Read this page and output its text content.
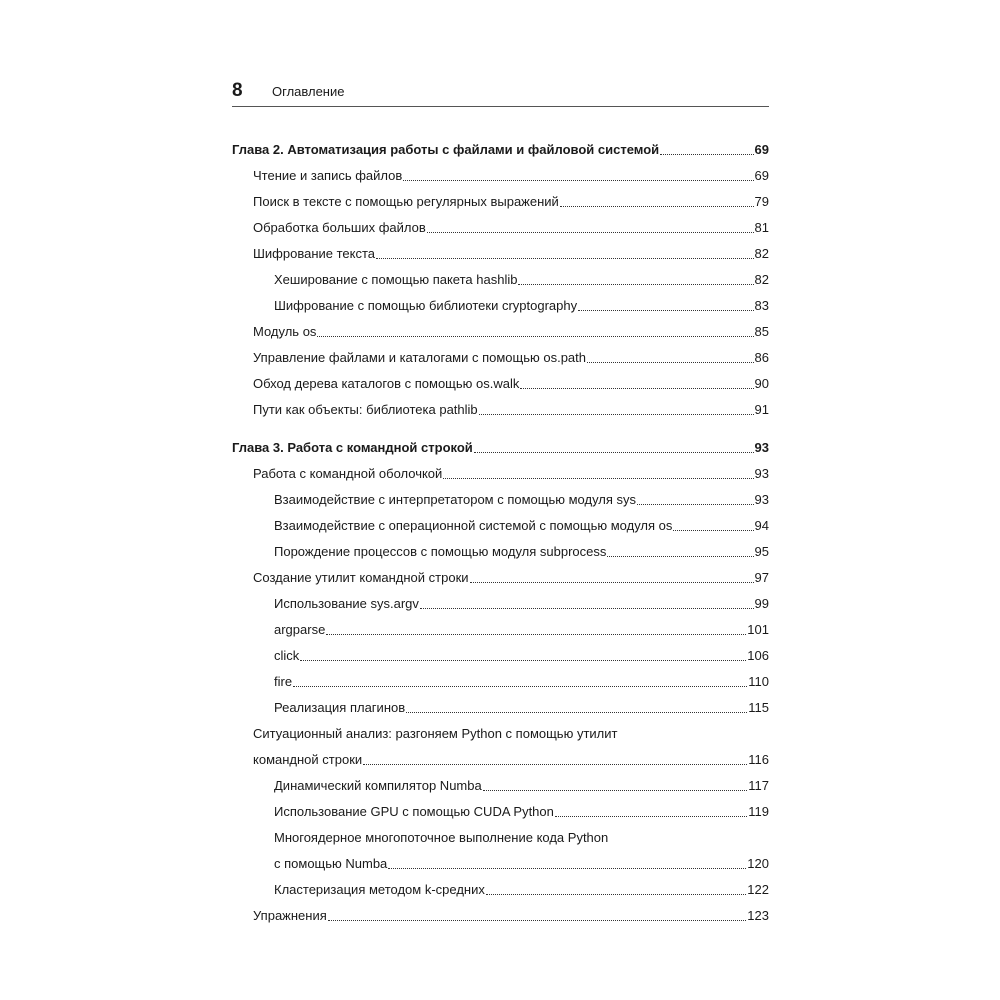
8 Оглавление
Глава 2. Автоматизация работы с файлами и файловой системой	69
Чтение и запись файлов	69
Поиск в тексте с помощью регулярных выражений	79
Обработка больших файлов	81
Шифрование текста	82
Хеширование с помощью пакета hashlib	82
Шифрование с помощью библиотеки cryptography	83
Модуль os	85
Управление файлами и каталогами с помощью os.path	86
Обход дерева каталогов с помощью os.walk	90
Пути как объекты: библиотека pathlib	91
Глава 3. Работа с командной строкой	93
Работа с командной оболочкой	93
Взаимодействие с интерпретатором с помощью модуля sys	93
Взаимодействие с операционной системой с помощью модуля os	94
Порождение процессов с помощью модуля subprocess	95
Создание утилит командной строки	97
Использование sys.argv	99
argparse	101
click	106
fire	110
Реализация плагинов	115
Ситуационный анализ: разгоняем Python с помощью утилит
командной строки	116
Динамический компилятор Numba	117
Использование GPU с помощью CUDA Python	119
Многоядерное многопоточное выполнение кода Python
с помощью Numba	120
Кластеризация методом k-средних	122
Упражнения	123
